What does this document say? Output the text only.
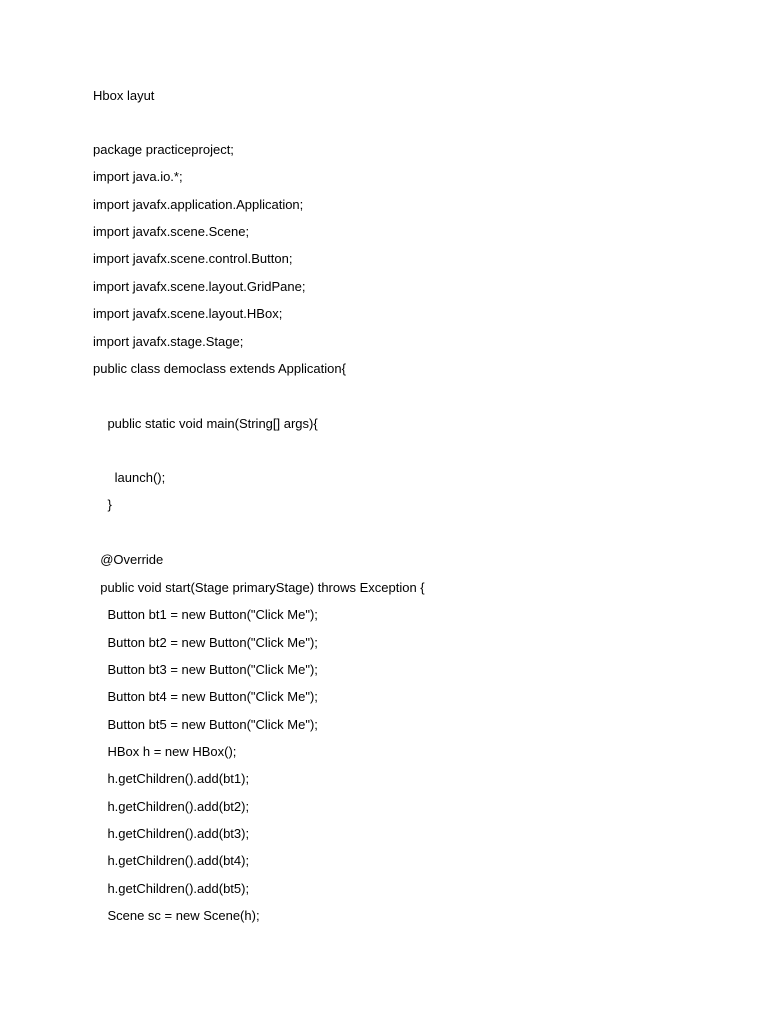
Hbox layut
package practiceproject;
import java.io.*;
import javafx.application.Application;
import javafx.scene.Scene;
import javafx.scene.control.Button;
import javafx.scene.layout.GridPane;
import javafx.scene.layout.HBox;
import javafx.stage.Stage;
public class democlass extends Application{
public static void main(String[] args){
launch();
}
@Override
public void start(Stage primaryStage) throws Exception {
Button bt1 = new Button("Click Me");
Button bt2 = new Button("Click Me");
Button bt3 = new Button("Click Me");
Button bt4 = new Button("Click Me");
Button bt5 = new Button("Click Me");
HBox h = new HBox();
h.getChildren().add(bt1);
h.getChildren().add(bt2);
h.getChildren().add(bt3);
h.getChildren().add(bt4);
h.getChildren().add(bt5);
Scene sc = new Scene(h);
